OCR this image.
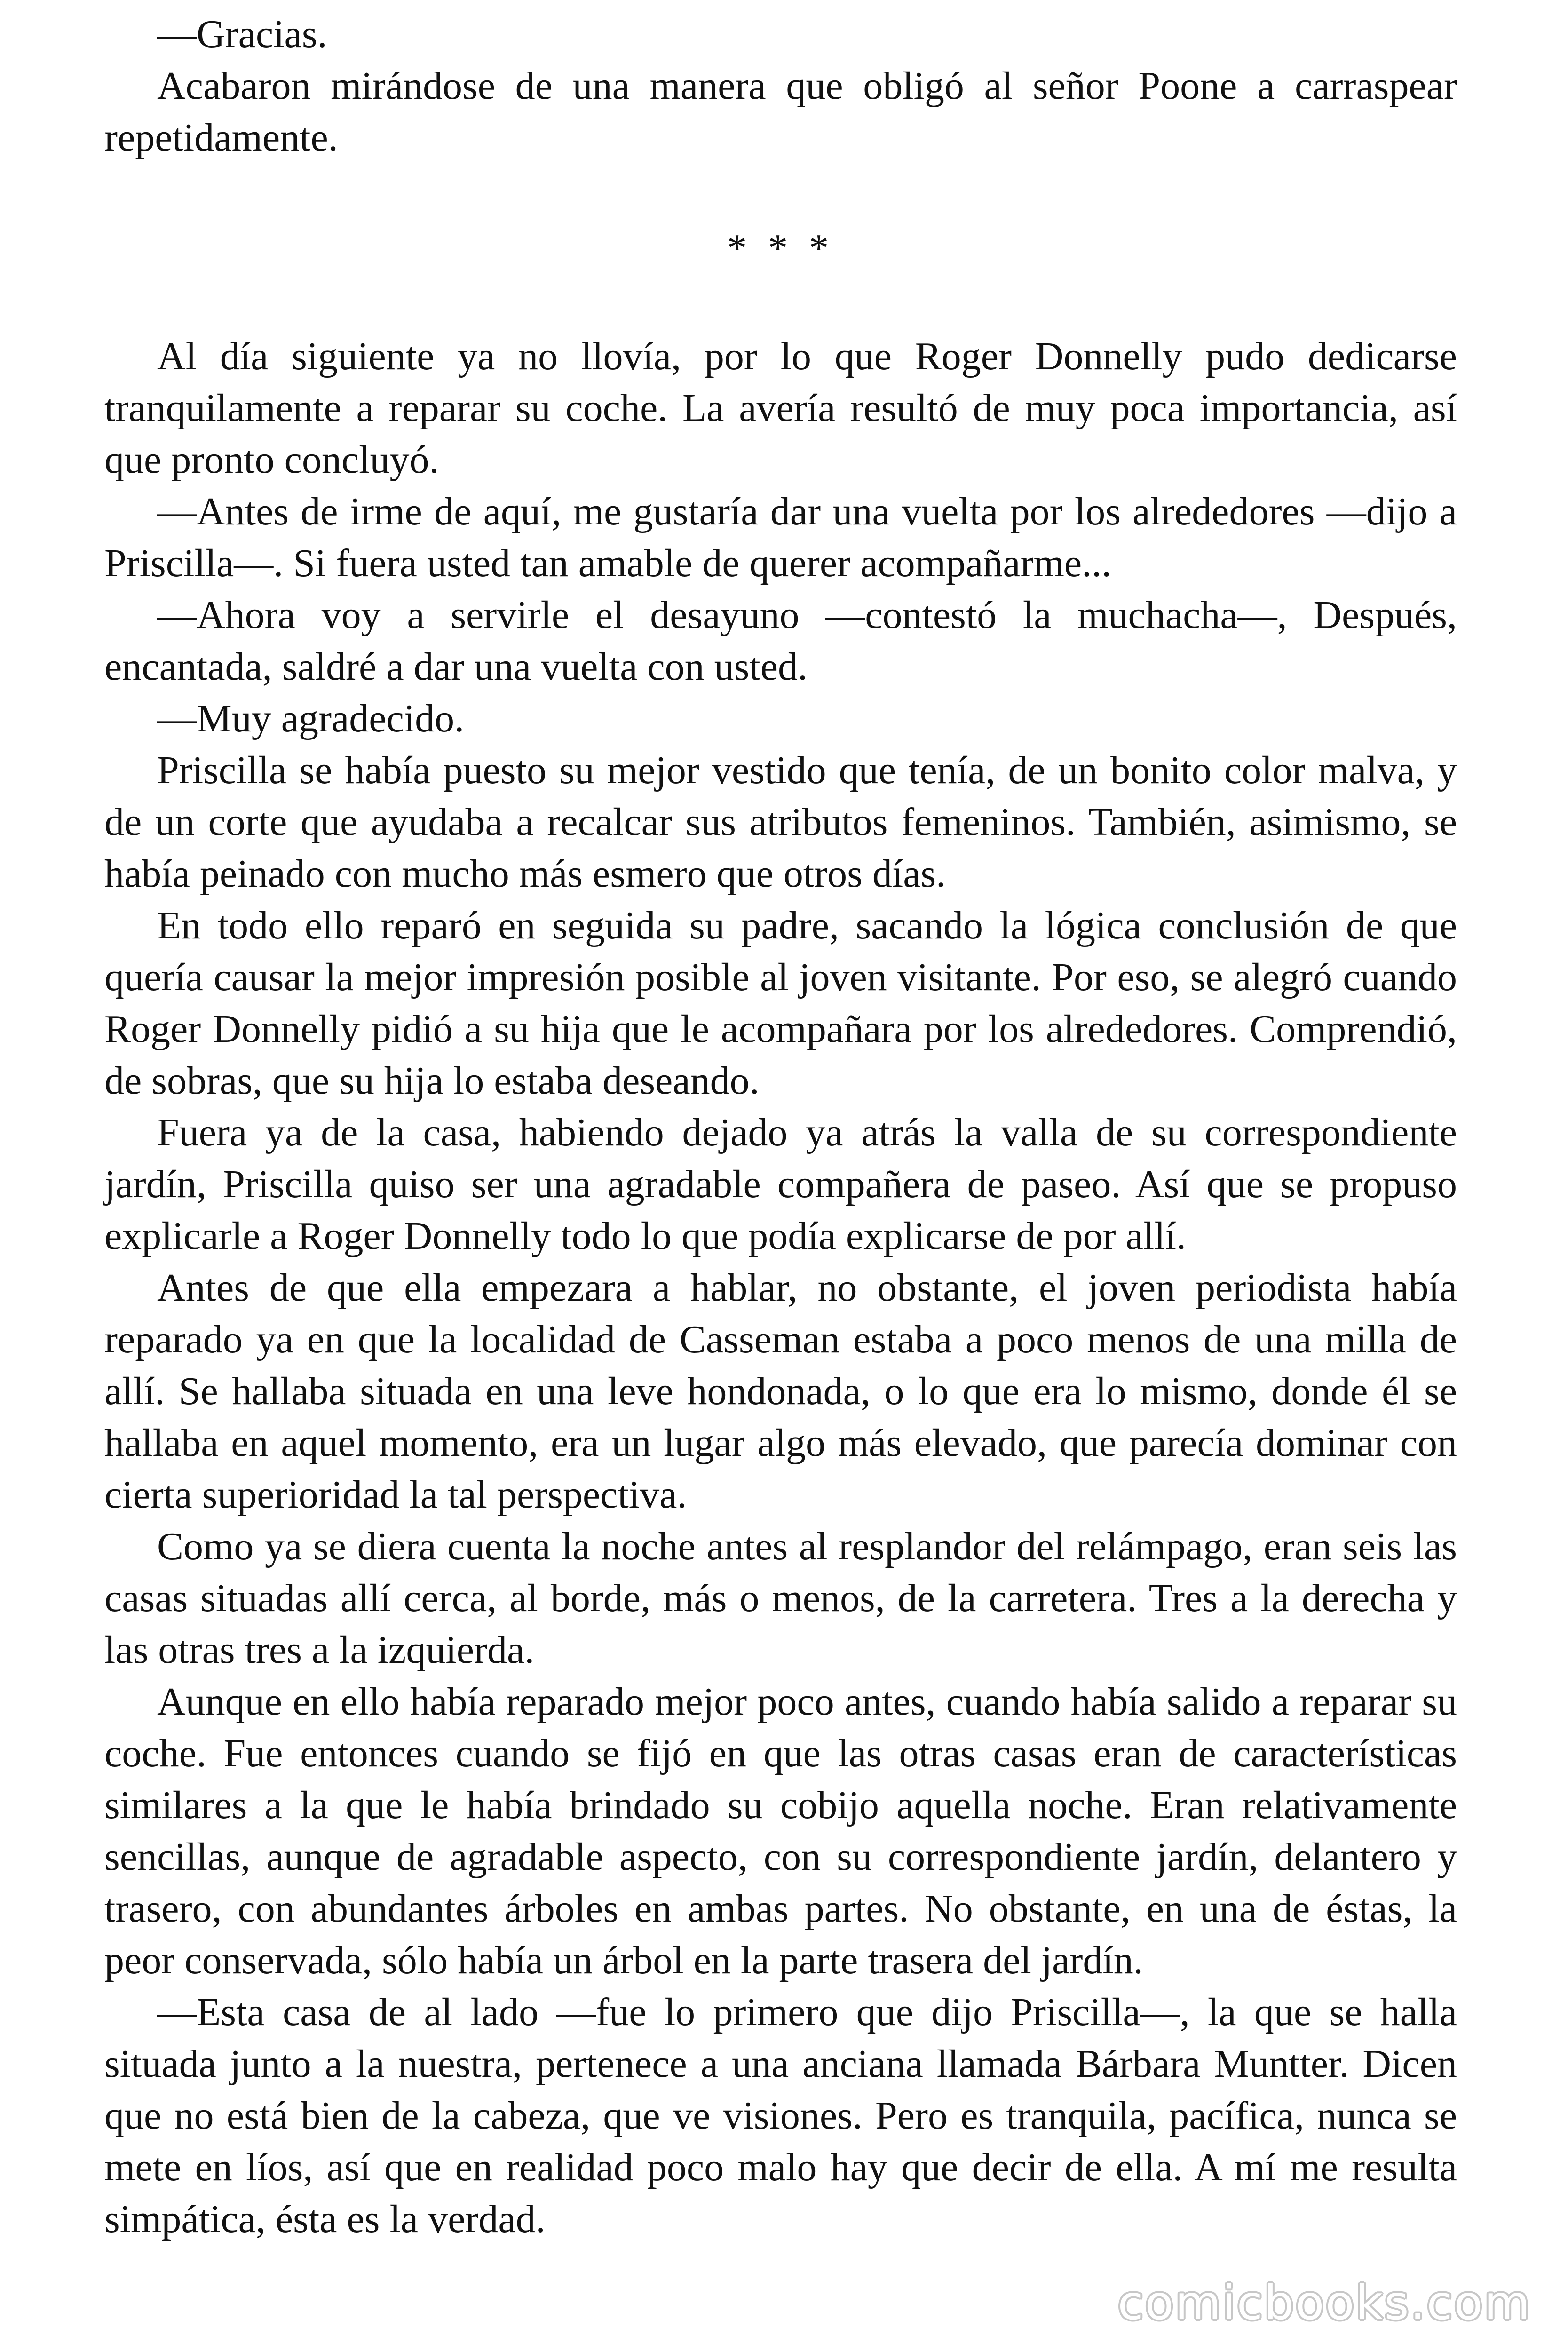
—Gracias.

Acabaron mirándose de una manera que obligó al señor Poone a carraspear repetidamente.

* * *

Al día siguiente ya no llovía, por lo que Roger Donnelly pudo dedicarse tranquilamente a reparar su coche. La avería resultó de muy poca importancia, así que pronto concluyó.

—Antes de irme de aquí, me gustaría dar una vuelta por los alrededores —dijo a Priscilla—. Si fuera usted tan amable de querer acompañarme...

—Ahora voy a servirle el desayuno —contestó la muchacha—, Después, encantada, saldré a dar una vuelta con usted.

—Muy agradecido.

Priscilla se había puesto su mejor vestido que tenía, de un bonito color malva, y de un corte que ayudaba a recalcar sus atributos femeninos. También, asimismo, se había peinado con mucho más esmero que otros días.

En todo ello reparó en seguida su padre, sacando la lógica conclusión de que quería causar la mejor impresión posible al joven visitante. Por eso, se alegró cuando Roger Donnelly pidió a su hija que le acompañara por los alrededores. Comprendió, de sobras, que su hija lo estaba deseando.

Fuera ya de la casa, habiendo dejado ya atrás la valla de su correspondiente jardín, Priscilla quiso ser una agradable compañera de paseo. Así que se propuso explicarle a Roger Donnelly todo lo que podía explicarse de por allí.

Antes de que ella empezara a hablar, no obstante, el joven periodista había reparado ya en que la localidad de Casseman estaba a poco menos de una milla de allí. Se hallaba situada en una leve hondonada, o lo que era lo mismo, donde él se hallaba en aquel momento, era un lugar algo más elevado, que parecía dominar con cierta superioridad la tal perspectiva.

Como ya se diera cuenta la noche antes al resplandor del relámpago, eran seis las casas situadas allí cerca, al borde, más o menos, de la carretera. Tres a la derecha y las otras tres a la izquierda.

Aunque en ello había reparado mejor poco antes, cuando había salido a reparar su coche. Fue entonces cuando se fijó en que las otras casas eran de características similares a la que le había brindado su cobijo aquella noche. Eran relativamente sencillas, aunque de agradable aspecto, con su correspondiente jardín, delantero y trasero, con abundantes árboles en ambas partes. No obstante, en una de éstas, la peor conservada, sólo había un árbol en la parte trasera del jardín.

—Esta casa de al lado —fue lo primero que dijo Priscilla—, la que se halla situada junto a la nuestra, pertenece a una anciana llamada Bárbara Muntter. Dicen que no está bien de la cabeza, que ve visiones. Pero es tranquila, pacífica, nunca se mete en líos, así que en realidad poco malo hay que decir de ella. A mí me resulta simpática, ésta es la verdad.

comicbooks.com
